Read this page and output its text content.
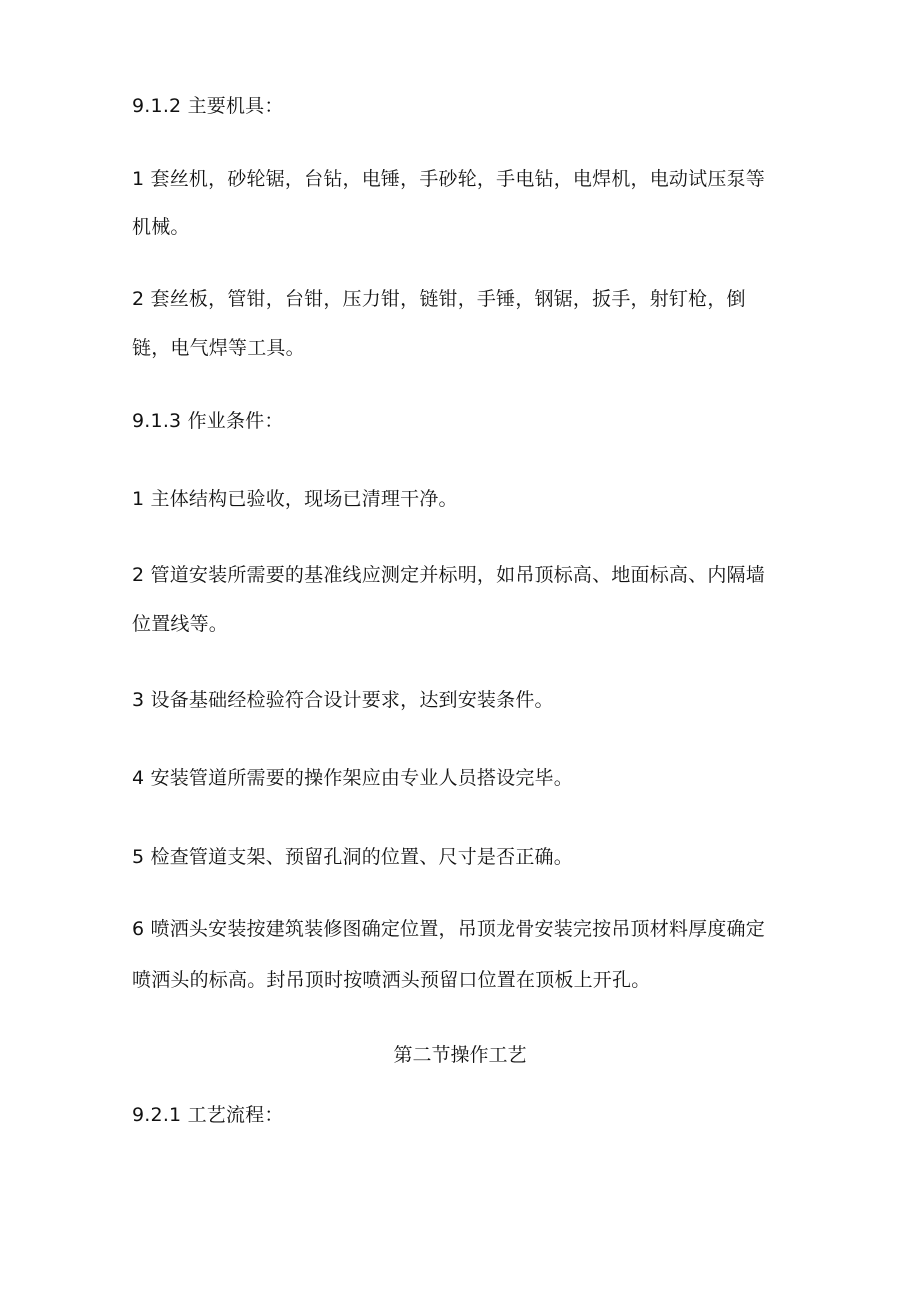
9.1.2 主要机具：
1 套丝机，砂轮锯，台钻，电锤，手砂轮，手电钻，电焊机，电动试压泵等
机械。
2 套丝板，管钳，台钳，压力钳，链钳，手锤，钢锯，扳手，射钉枪，倒
链，电气焊等工具。
9.1.3 作业条件：
1 主体结构已验收，现场已清理干净。
2 管道安装所需要的基准线应测定并标明，如吊顶标高、地面标高、内隔墙
位置线等。
3 设备基础经检验符合设计要求，达到安装条件。
4 安装管道所需要的操作架应由专业人员搭设完毕。
5 检查管道支架、预留孔洞的位置、尺寸是否正确。
6 喷洒头安装按建筑装修图确定位置，吊顶龙骨安装完按吊顶材料厚度确定
喷洒头的标高。封吊顶时按喷洒头预留口位置在顶板上开孔。
第二节操作工艺
9.2.1 工艺流程：
